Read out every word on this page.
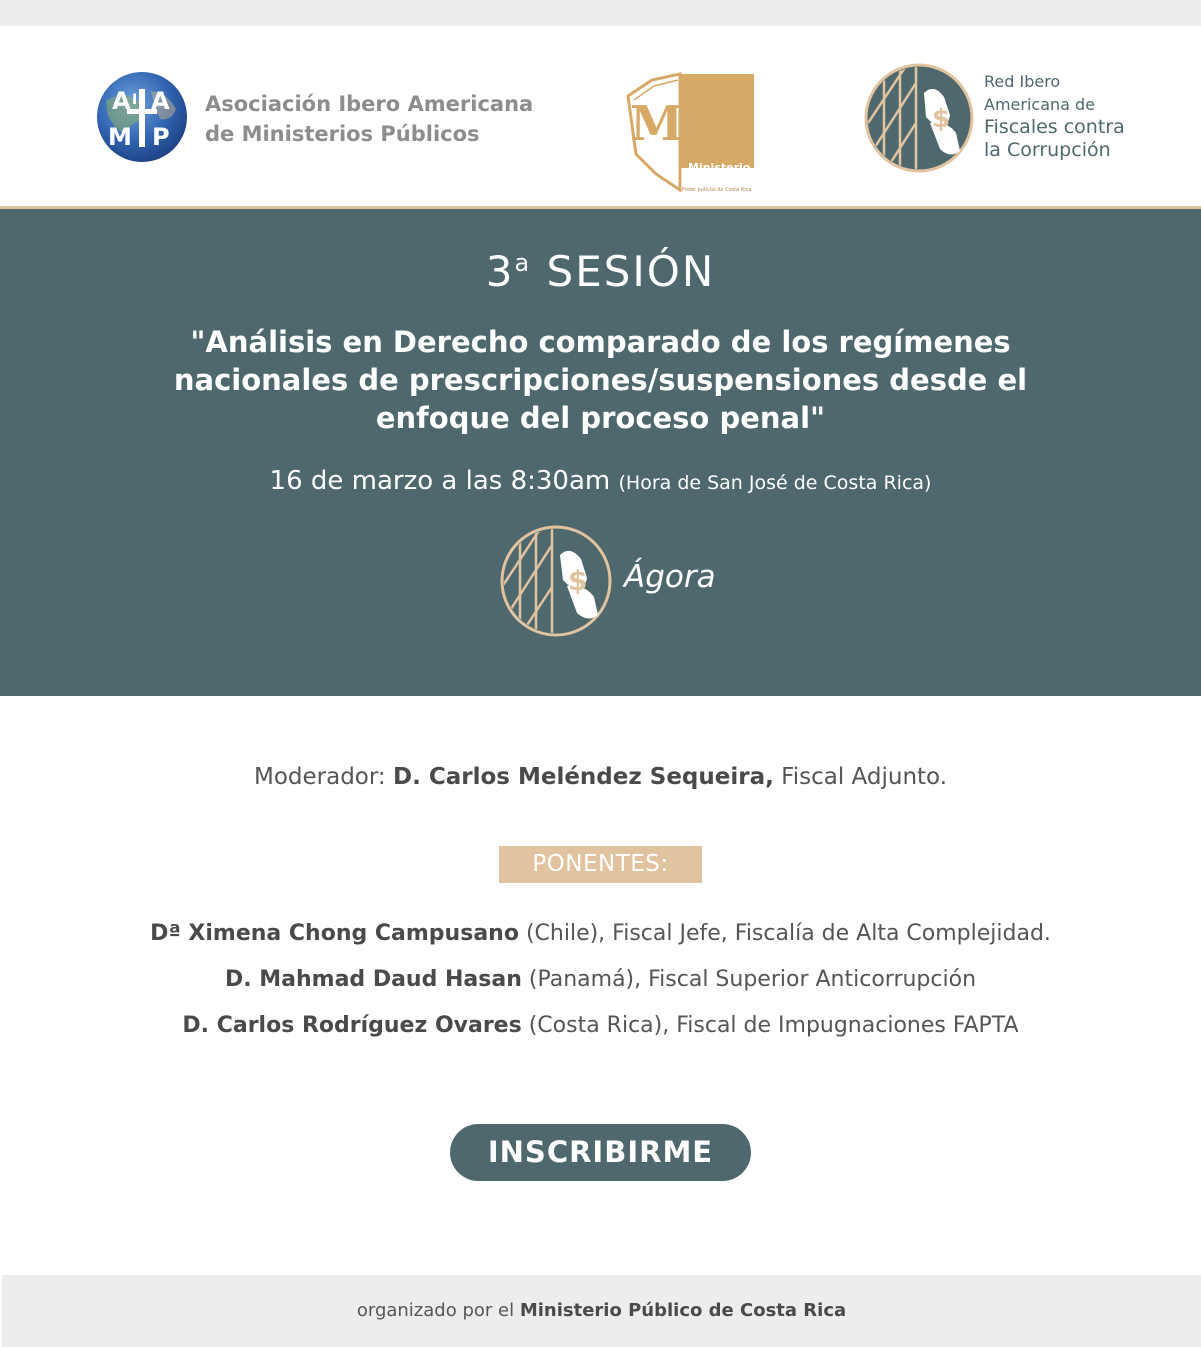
A I A
M P
Asociación Ibero Americana
de Ministerios Públicos	MP
Ministerio
Público
Poder Judicial de Costa Rica
$
Red Ibero
Americana de
Fiscales contra
la Corrupción
3$^a$ SESIÓN
"Análisis en Derecho comparado de los regímenes
nacionales de prescripciones/suspensiones desde el
enfoque del proceso penal"
16 de marzo a las 8:30am (Hora de San José de Costa Rica)
$ Ágora
Moderador: D. Carlos Meléndez Sequeira, Fiscal Adjunto.
PONENTES:
Dª Ximena Chong Campusano (Chile), Fiscal Jefe, Fiscalía de Alta Complejidad.
D. Mahmad Daud Hasan (Panamá), Fiscal Superior Anticorrupción
D. Carlos Rodríguez Ovares (Costa Rica), Fiscal de Impugnaciones FAPTA
INSCRIBIRME
organizado por el Ministerio Público de Costa Rica
